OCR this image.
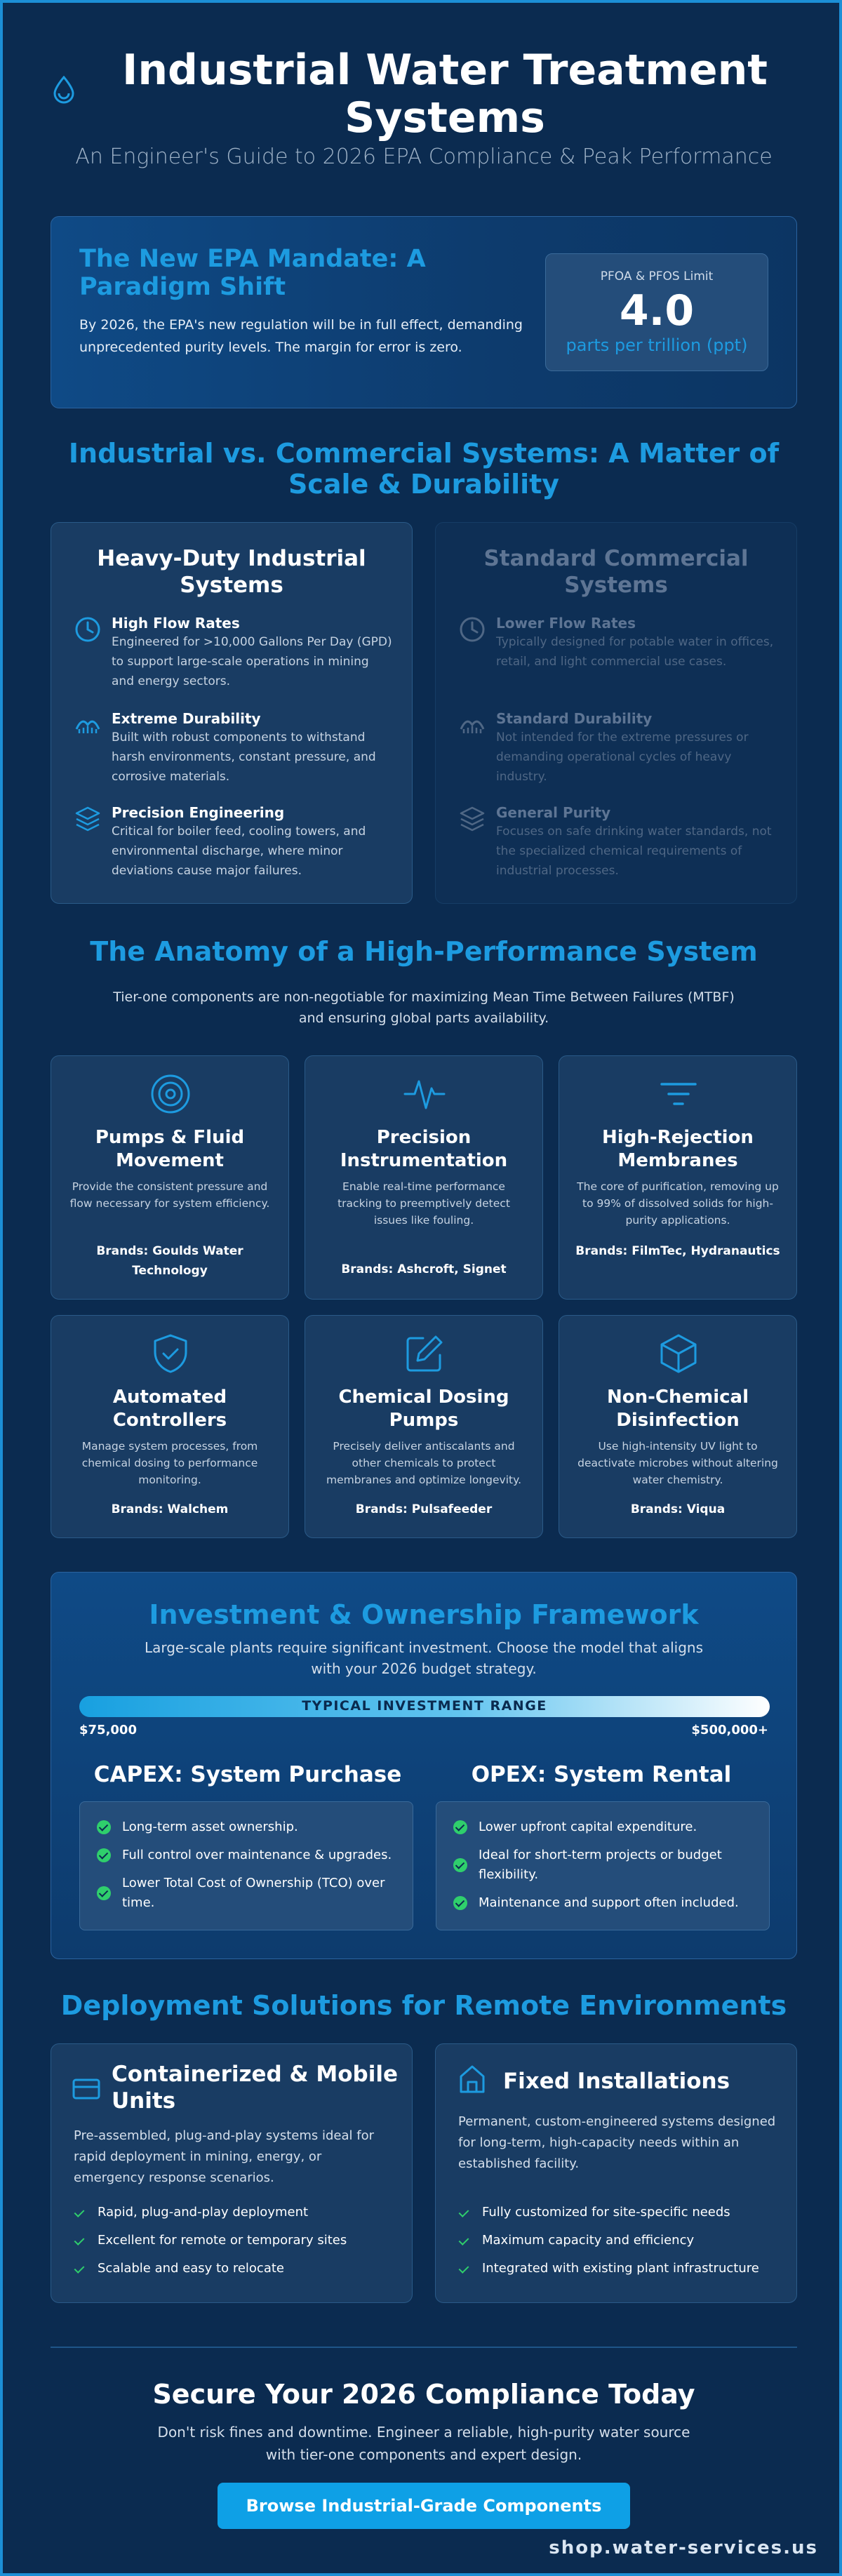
Industrial Water Treatment Systems
An Engineer's Guide to 2026 EPA Compliance & Peak Performance
The New EPA Mandate: A Paradigm Shift

By 2026, the EPA's new regulation will be in full effect, demanding unprecedented purity levels. The margin for error is zero.

PFOA & PFOS Limit
4.0
parts per trillion (ppt)
Industrial vs. Commercial Systems: A Matter of Scale & Durability
Heavy-Duty Industrial Systems
High Flow Rates

Engineered for >10,000 Gallons Per Day (GPD) to support large-scale operations in mining and energy sectors.

Extreme Durability

Built with robust components to withstand harsh environments, constant pressure, and corrosive materials.

Precision Engineering

Critical for boiler feed, cooling towers, and environmental discharge, where minor deviations cause major failures.

Standard Commercial Systems
Lower Flow Rates

Typically designed for potable water in offices, retail, and light commercial use cases.

Standard Durability

Not intended for the extreme pressures or demanding operational cycles of heavy industry.

General Purity

Focuses on safe drinking water standards, not the specialized chemical requirements of industrial processes.

The Anatomy of a High-Performance System
Tier-one components are non-negotiable for maximizing Mean Time Between Failures (MTBF) and ensuring global parts availability.
Pumps & Fluid Movement

Provide the consistent pressure and flow necessary for system efficiency.

Brands: Goulds Water Technology
Precision Instrumentation

Enable real-time performance tracking to preemptively detect issues like fouling.

Brands: Ashcroft, Signet
High-Rejection Membranes

The core of purification, removing up to 99% of dissolved solids for high-purity applications.

Brands: FilmTec, Hydranautics
Automated Controllers

Manage system processes, from chemical dosing to performance monitoring.

Brands: Walchem
Chemical Dosing Pumps

Precisely deliver antiscalants and other chemicals to protect membranes and optimize longevity.

Brands: Pulsafeeder
Non-Chemical Disinfection

Use high-intensity UV light to deactivate microbes without altering water chemistry.

Brands: Viqua
Investment & Ownership Framework
Large-scale plants require significant investment. Choose the model that aligns with your 2026 budget strategy.
TYPICAL INVESTMENT RANGE
$75,000	$500,000+
CAPEX: System Purchase	OPEX: System Rental
Long-term asset ownership.
Full control over maintenance & upgrades.
Lower Total Cost of Ownership (TCO) over time.
Lower upfront capital expenditure.
Ideal for short-term projects or budget flexibility.
Maintenance and support often included.
Deployment Solutions for Remote Environments
Containerized & Mobile Units

Pre-assembled, plug-and-play systems ideal for rapid deployment in mining, energy, or emergency response scenarios.

Rapid, plug-and-play deployment
Excellent for remote or temporary sites
Scalable and easy to relocate
Fixed Installations

Permanent, custom-engineered systems designed for long-term, high-capacity needs within an established facility.

Fully customized for site-specific needs
Maximum capacity and efficiency
Integrated with existing plant infrastructure
Secure Your 2026 Compliance Today
Don't risk fines and downtime. Engineer a reliable, high-purity water source with tier-one components and expert design.
Browse Industrial-Grade Components
shop.water-services.us
